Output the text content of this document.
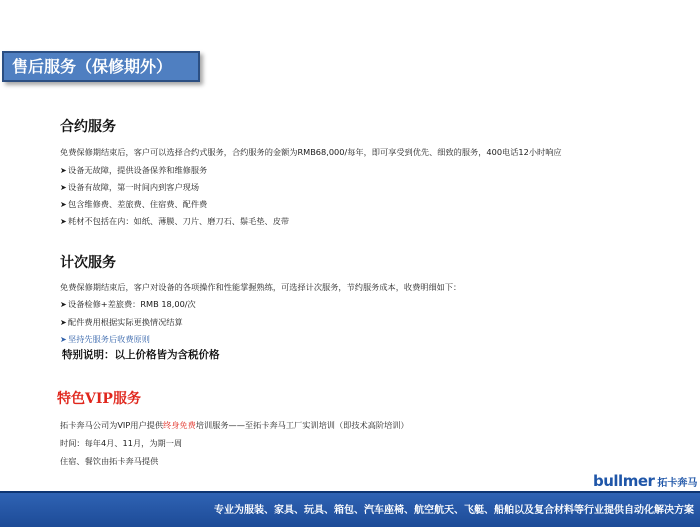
售后服务（保修期外）
合约服务
免费保修期结束后，客户可以选择合约式服务，合约服务的金额为RMB68,000/每年，即可享受到优先、细致的服务，400电话12小时响应
➤设备无故障，提供设备保养和维修服务
➤设备有故障，第一时间内到客户现场
➤包含维修费、差旅费、住宿费、配件费
➤耗材不包括在内：如纸、薄膜、刀片、磨刀石、鬃毛垫、皮带
计次服务
免费保修期结束后，客户对设备的各项操作和性能掌握熟练，可选择计次服务，节约服务成本，收费明细如下：
➤设备检修+差旅费：RMB 18,00/次
➤配件费用根据实际更换情况结算
➤坚持先服务后收费原则
特别说明：以上价格皆为含税价格
特色VIP服务
拓卡奔马公司为VIP用户提供终身免费培训服务——至拓卡奔马工厂实训培训（即技术高阶培训）
时间：每年4月、11月，为期一周
住宿、餐饮由拓卡奔马提供
bullmer 拓卡奔马
专业为服装、家具、玩具、箱包、汽车座椅、航空航天、飞艇、船舶以及复合材料等行业提供自动化解决方案
